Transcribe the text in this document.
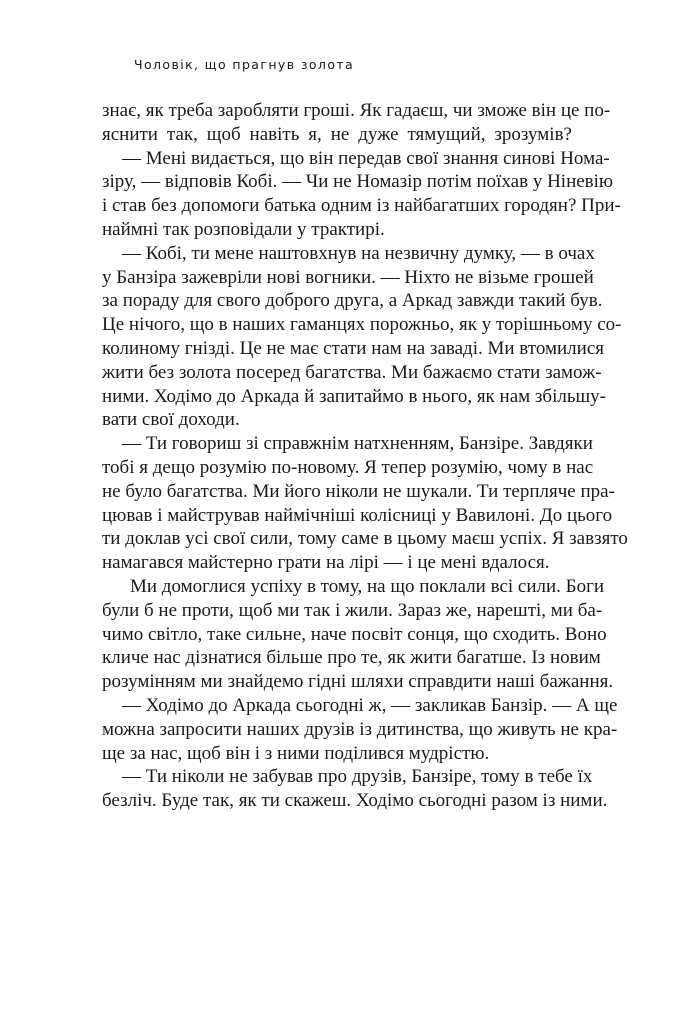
Чоловік, що прагнув золота
знає, як треба заробляти гроші. Як гадаєш, чи зможе він це по-
яснити так, щоб навіть я, не дуже тямущий, зрозумів?
— Мені видається, що він передав свої знання синові Нома-
зіру, — відповів Кобі. — Чи не Номазір потім поїхав у Ніневію
і став без допомоги батька одним із найбагатших городян? При-
наймні так розповідали у трактирі.
— Кобі, ти мене наштовхнув на незвичну думку, — в очах
у Банзіра зажевріли нові вогники. — Ніхто не візьме грошей
за пораду для свого доброго друга, а Аркад завжди такий був.
Це нічого, що в наших гаманцях порожньо, як у торішньому со-
колиному гнізді. Це не має стати нам на заваді. Ми втомилися
жити без золота посеред багатства. Ми бажаємо стати замож-
ними. Ходімо до Аркада й запитаймо в нього, як нам збільшу-
вати свої доходи.
— Ти говориш зі справжнім натхненням, Банзіре. Завдяки
тобі я дещо розумію по-новому. Я тепер розумію, чому в нас
не було багатства. Ми його ніколи не шукали. Ти терпляче пра-
цював і майстрував наймічніші колісниці у Вавилоні. До цього
ти доклав усі свої сили, тому саме в цьому маєш успіх. Я завзято
намагався майстерно грати на лірі — і це мені вдалося.
Ми домоглися успіху в тому, на що поклали всі сили. Боги
були б не проти, щоб ми так і жили. Зараз же, нарешті, ми ба-
чимо світло, таке сильне, наче посвіт сонця, що сходить. Воно
кличе нас дізнатися більше про те, як жити багатше. Із новим
розумінням ми знайдемо гідні шляхи справдити наші бажання.
— Ходімо до Аркада сьогодні ж, — закликав Банзір. — А ще
можна запросити наших друзів із дитинства, що живуть не кра-
ще за нас, щоб він і з ними поділився мудрістю.
— Ти ніколи не забував про друзів, Банзіре, тому в тебе їх
безліч. Буде так, як ти скажеш. Ходімо сьогодні разом із ними.
